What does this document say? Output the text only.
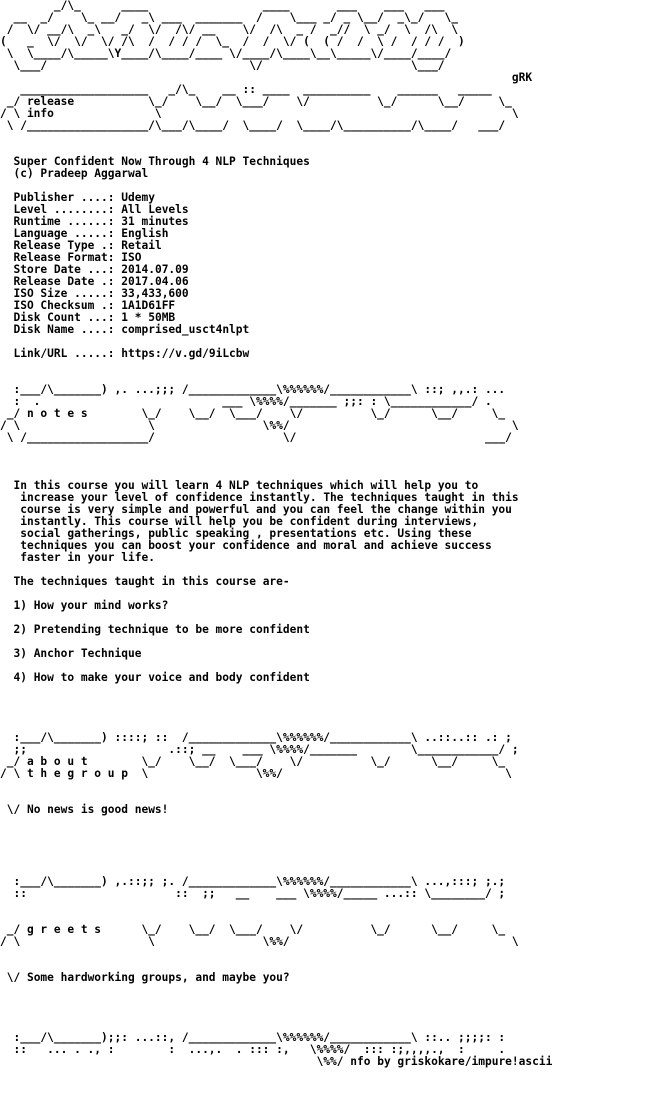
_/\_      ____                 ____       ___    ___   ___
__  _/    \_ __/   _\ ___  _______  /    \___ _/ _ \__/  _\_/   \_
/  \/ __/\  _\   _/  \/  /\/ __    \/  /\  _ /  _//  \ _/  \  /\  \
(   _  \/  \/  \/ /\  /  / / /  \_  /  /  \/ (  ( /  /  \ /  / / /  )
\  \____/\_____\Y____/\____/____ \/____/\____\__\_____\/____/____/
\___/                              \/                      \___/
gRK
___________________   _/\_    __ :: ____  __________    ______   _____
_/ release           \_/    \__/  \___/    \/          \_/      \__/     \_
/ \ info               \                                                    \
\ /__________________/\___/\____/  \____/  \____/\__________/\____/   ___/
Super Confident Now Through 4 NLP Techniques
(c) Pradeep Aggarwal
Publisher ....: Udemy
Level ........: All Levels
Runtime ......: 31 minutes
Language .....: English
Release Type .: Retail
Release Format: ISO
Store Date ...: 2014.07.09
Release Date .: 2017.04.06
ISO Size .....: 33,433,600
ISO Checksum .: 1A1D61FF
Disk Count ...: 1 * 50MB
Disk Name ....: comprised_usct4nlpt
Link/URL .....: https://v.gd/9iLcbw
:___/\_______) ,. ...;;; /_____________\%%%%%%/____________\ ::; ,,.: ...
:  .                           ___ \%%%%/_______ ;;: : \____________/ .
_/ n o t e s        \_/    \__/  \___/    \/          \_/      \__/     \_
/ \                   \                \%%/                                 \
\ /__________________/                   \/                            ___/
In this course you will learn 4 NLP techniques which will help you to
increase your level of confidence instantly. The techniques taught in this
course is very simple and powerful and you can feel the change within you
instantly. This course will help you be confident during interviews,
social gatherings, public speaking , presentations etc. Using these
techniques you can boost your confidence and moral and achieve success
faster in your life.
The techniques taught in this course are-
1) How your mind works?
2) Pretending technique to be more confident
3) Anchor Technique
4) How to make your voice and body confident
:___/\_______) ::::; ::  /_____________\%%%%%%/____________\ ..::..:: .: ;
;;                     .::; __    ___ \%%%%/_______        \____________/ ;
_/ a b o u t        \_/    \__/  \___/    \/          \_/      \__/     \_
/ \ t h e g r o u p  \                \%%/                                 \
\/ No news is good news!
:___/\_______) ,.::;; ;. /_____________\%%%%%%/____________\ ...,:::; ;.;
::                      ::  ;;   __    ___ \%%%%/_____ ...:: \________/ ;
_/ g r e e t s      \_/    \__/  \___/    \/          \_/      \__/     \_
/ \                   \                \%%/                                 \
\/ Some hardworking groups, and maybe you?
:___/\_______);;: ...::, /_____________\%%%%%%/____________\ ::.. ;;;;: :
::   ... . ., :        :  ...,.  . ::: :,   \%%%%/  ::: :;,,,,.,  :     .
\%%/ nfo by griskokare/impure!ascii
